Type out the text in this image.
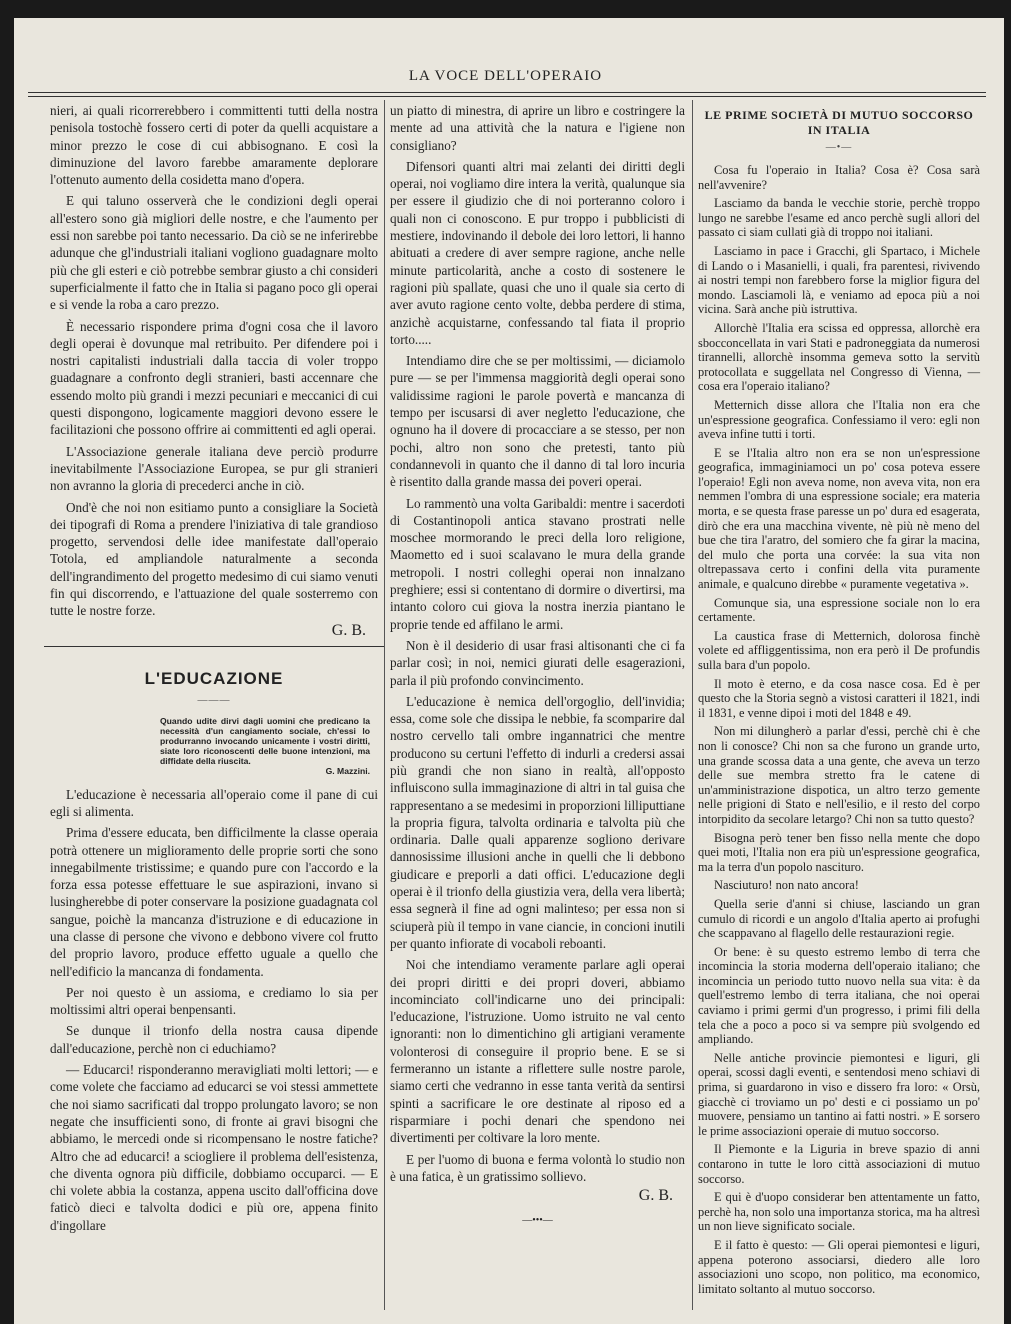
LA VOCE DELL'OPERAIO

nieri, ai quali ricorrerebbero i committenti tutti della nostra penisola tostochè fossero certi di poter da quelli acquistare a minor prezzo le cose di cui abbisognano. E così la diminuzione del lavoro farebbe amaramente deplorare l'ottenuto aumento della cosidetta mano d'opera.

E qui taluno osserverà che le condizioni degli operai all'estero sono già migliori delle nostre, e che l'aumento per essi non sarebbe poi tanto necessario. Da ciò se ne inferirebbe adunque che gl'industriali italiani vogliono guadagnare molto più che gli esteri e ciò potrebbe sembrar giusto a chi consideri superficialmente il fatto che in Italia si pagano poco gli operai e si vende la roba a caro prezzo.

È necessario rispondere prima d'ogni cosa che il lavoro degli operai è dovunque mal retribuito. Per difendere poi i nostri capitalisti industriali dalla taccia di voler troppo guadagnare a confronto degli stranieri, basti accennare che essendo molto più grandi i mezzi pecuniari e meccanici di cui questi dispongono, logicamente maggiori devono essere le facilitazioni che possono offrire ai committenti ed agli operai.

L'Associazione generale italiana deve perciò produrre inevitabilmente l'Associazione Europea, se pur gli stranieri non avranno la gloria di precederci anche in ciò.

Ond'è che noi non esitiamo punto a consigliare la Società dei tipografi di Roma a prendere l'iniziativa di tale grandioso progetto, servendosi delle idee manifestate dall'operaio Totola, ed ampliandole naturalmente a seconda dell'ingrandimento del progetto medesimo di cui siamo venuti fin qui discorrendo, e l'attuazione del quale sosterremo con tutte le nostre forze.

G. B.
L'EDUCAZIONE
———
Quando udite dirvi dagli uomini che predicano la necessità d'un cangiamento sociale, ch'essi lo produrranno invocando unicamente i vostri diritti, siate loro riconoscenti delle buone intenzioni, ma diffidate della riuscita.
G. Mazzini.

L'educazione è necessaria all'operaio come il pane di cui egli si alimenta.

Prima d'essere educata, ben difficilmente la classe operaia potrà ottenere un miglioramento delle proprie sorti che sono innegabilmente tristissime; e quando pure con l'accordo e la forza essa potesse effettuare le sue aspirazioni, invano si lusingherebbe di poter conservare la posizione guadagnata col sangue, poichè la mancanza d'istruzione e di educazione in una classe di persone che vivono e debbono vivere col frutto del proprio lavoro, produce effetto uguale a quello che nell'edificio la mancanza di fondamenta.

Per noi questo è un assioma, e crediamo lo sia per moltissimi altri operai benpensanti.

Se dunque il trionfo della nostra causa dipende dall'educazione, perchè non ci educhiamo?

— Educarci! risponderanno meravigliati molti lettori; — e come volete che facciamo ad educarci se voi stessi ammettete che noi siamo sacrificati dal troppo prolungato lavoro; se non negate che insufficienti sono, di fronte ai gravi bisogni che abbiamo, le mercedi onde si ricompensano le nostre fatiche? Altro che ad educarci! a sciogliere il problema dell'esistenza, che diventa ognora più difficile, dobbiamo occuparci. — E chi volete abbia la costanza, appena uscito dall'officina dove faticò dieci e talvolta dodici e più ore, appena finito d'ingollare

un piatto di minestra, di aprire un libro e costringere la mente ad una attività che la natura e l'igiene non consigliano?

Difensori quanti altri mai zelanti dei diritti degli operai, noi vogliamo dire intera la verità, qualunque sia per essere il giudizio che di noi porteranno coloro i quali non ci conoscono. E pur troppo i pubblicisti di mestiere, indovinando il debole dei loro lettori, li hanno abituati a credere di aver sempre ragione, anche nelle minute particolarità, anche a costo di sostenere le ragioni più spallate, quasi che uno il quale sia certo di aver avuto ragione cento volte, debba perdere di stima, anzichè acquistarne, confessando tal fiata il proprio torto.....

Intendiamo dire che se per moltissimi, — diciamolo pure — se per l'immensa maggiorità degli operai sono validissime ragioni le parole povertà e mancanza di tempo per iscusarsi di aver negletto l'educazione, che ognuno ha il dovere di procacciare a se stesso, per non pochi, altro non sono che pretesti, tanto più condannevoli in quanto che il danno di tal loro incuria è risentito dalla grande massa dei poveri operai.

Lo rammentò una volta Garibaldi: mentre i sacerdoti di Costantinopoli antica stavano prostrati nelle moschee mormorando le preci della loro religione, Maometto ed i suoi scalavano le mura della grande metropoli. I nostri colleghi operai non innalzano preghiere; essi si contentano di dormire o divertirsi, ma intanto coloro cui giova la nostra inerzia piantano le proprie tende ed affilano le armi.

Non è il desiderio di usar frasi altisonanti che ci fa parlar così; in noi, nemici giurati delle esagerazioni, parla il più profondo convincimento.

L'educazione è nemica dell'orgoglio, dell'invidia; essa, come sole che dissipa le nebbie, fa scomparire dal nostro cervello tali ombre ingannatrici che mentre producono su certuni l'effetto di indurli a credersi assai più grandi che non siano in realtà, all'opposto influiscono sulla immaginazione di altri in tal guisa che rappresentano a se medesimi in proporzioni lilliputtiane la propria figura, talvolta ordinaria e talvolta più che ordinaria. Dalle quali apparenze sogliono derivare dannosissime illusioni anche in quelli che li debbono giudicare e preporli a dati offici. L'educazione degli operai è il trionfo della giustizia vera, della vera libertà; essa segnerà il fine ad ogni malinteso; per essa non si sciuperà più il tempo in vane ciancie, in concioni inutili per quanto infiorate di vocaboli reboanti.

Noi che intendiamo veramente parlare agli operai dei propri diritti e dei propri doveri, abbiamo incominciato coll'indicarne uno dei principali: l'educazione, l'istruzione. Uomo istruito ne val cento ignoranti: non lo dimentichino gli artigiani veramente volonterosi di conseguire il proprio bene. E se si fermeranno un istante a riflettere sulle nostre parole, siamo certi che vedranno in esse tanta verità da sentirsi spinti a sacrificare le ore destinate al riposo ed a risparmiare i pochi denari che spendono nei divertimenti per coltivare la loro mente.

E per l'uomo di buona e ferma volontà lo studio non è una fatica, è un gratissimo sollievo.

G. B.
—•••—
LE PRIME SOCIETÀ DI MUTUO SOCCORSO IN ITALIA
—•—

Cosa fu l'operaio in Italia? Cosa è? Cosa sarà nell'avvenire?

Lasciamo da banda le vecchie storie, perchè troppo lungo ne sarebbe l'esame ed anco perchè sugli allori del passato ci siam cullati già di troppo noi italiani.

Lasciamo in pace i Gracchi, gli Spartaco, i Michele di Lando o i Masanielli, i quali, fra parentesi, rivivendo ai nostri tempi non farebbero forse la miglior figura del mondo. Lasciamoli là, e veniamo ad epoca più a noi vicina. Sarà anche più istruttiva.

Allorchè l'Italia era scissa ed oppressa, allorchè era sbocconcellata in vari Stati e padroneggiata da numerosi tirannelli, allorchè insomma gemeva sotto la servitù protocollata e suggellata nel Congresso di Vienna, — cosa era l'operaio italiano?

Metternich disse allora che l'Italia non era che un'espressione geografica. Confessiamo il vero: egli non aveva infine tutti i torti.

E se l'Italia altro non era se non un'espressione geografica, immaginiamoci un po' cosa poteva essere l'operaio! Egli non aveva nome, non aveva vita, non era nemmen l'ombra di una espressione sociale; era materia morta, e se questa frase paresse un po' dura ed esagerata, dirò che era una macchina vivente, nè più nè meno del bue che tira l'aratro, del somiero che fa girar la macina, del mulo che porta una corvée: la sua vita non oltrepassava certo i confini della vita puramente animale, e qualcuno direbbe « puramente vegetativa ».

Comunque sia, una espressione sociale non lo era certamente.

La caustica frase di Metternich, dolorosa finchè volete ed affliggentissima, non era però il De profundis sulla bara d'un popolo.

Il moto è eterno, e da cosa nasce cosa. Ed è per questo che la Storia segnò a vistosi caratteri il 1821, indi il 1831, e venne dipoi i moti del 1848 e 49.

Non mi dilungherò a parlar d'essi, perchè chi è che non li conosce? Chi non sa che furono un grande urto, una grande scossa data a una gente, che aveva un terzo delle sue membra stretto fra le catene di un'amministrazione dispotica, un altro terzo gemente nelle prigioni di Stato e nell'esilio, e il resto del corpo intorpidito da secolare letargo? Chi non sa tutto questo?

Bisogna però tener ben fisso nella mente che dopo quei moti, l'Italia non era più un'espressione geografica, ma la terra d'un popolo nascituro.

Nasciuturo! non nato ancora!

Quella serie d'anni si chiuse, lasciando un gran cumulo di ricordi e un angolo d'Italia aperto ai profughi che scappavano al flagello delle restaurazioni regie.

Or bene: è su questo estremo lembo di terra che incomincia la storia moderna dell'operaio italiano; che incomincia un periodo tutto nuovo nella sua vita: è da quell'estremo lembo di terra italiana, che noi operai caviamo i primi germi d'un progresso, i primi fili della tela che a poco a poco si va sempre più svolgendo ed ampliando.

Nelle antiche provincie piemontesi e liguri, gli operai, scossi dagli eventi, e sentendosi meno schiavi di prima, si guardarono in viso e dissero fra loro: « Orsù, giacchè ci troviamo un po' desti e ci possiamo un po' muovere, pensiamo un tantino ai fatti nostri. » E sorsero le prime associazioni operaie di mutuo soccorso.

Il Piemonte e la Liguria in breve spazio di anni contarono in tutte le loro città associazioni di mutuo soccorso.

E qui è d'uopo considerar ben attentamente un fatto, perchè ha, non solo una importanza storica, ma ha altresì un non lieve significato sociale.

E il fatto è questo: — Gli operai piemontesi e liguri, appena poterono associarsi, diedero alle loro associazioni uno scopo, non politico, ma economico, limitato soltanto al mutuo soccorso.
